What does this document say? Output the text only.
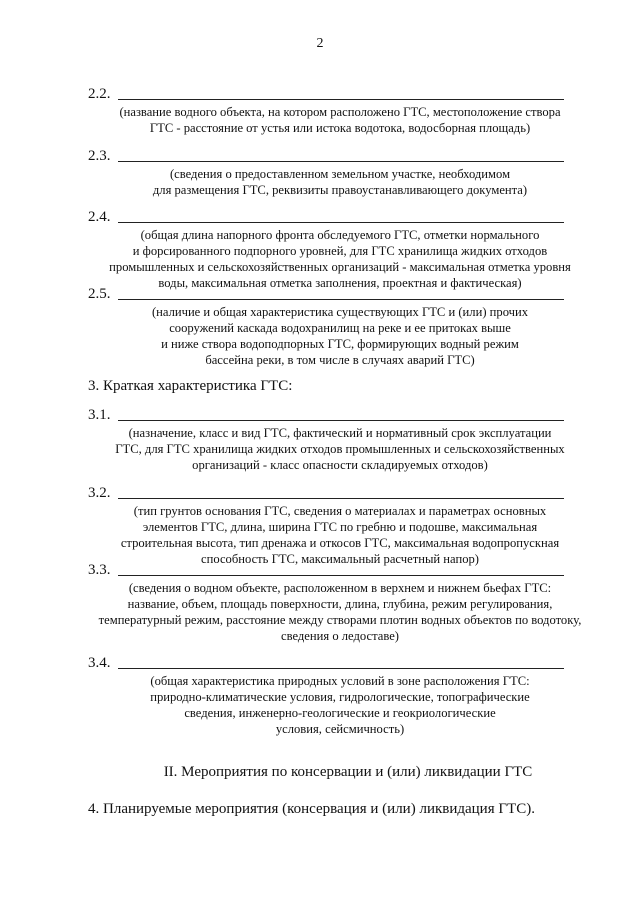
2
2.2.
(название водного объекта, на котором расположено ГТС, местоположение створа
ГТС - расстояние от устья или истока водотока, водосборная площадь)
2.3.
(сведения о предоставленном земельном участке, необходимом
для размещения ГТС, реквизиты правоустанавливающего документа)
2.4.
(общая длина напорного фронта обследуемого ГТС, отметки нормального
и форсированного подпорного уровней, для ГТС хранилища жидких отходов
промышленных и сельскохозяйственных организаций - максимальная отметка уровня
воды, максимальная отметка заполнения, проектная и фактическая)
2.5.
(наличие и общая характеристика существующих ГТС и (или) прочих
сооружений каскада водохранилищ на реке и ее притоках выше
и ниже створа водоподпорных ГТС, формирующих водный режим
бассейна реки, в том числе в случаях аварий ГТС)
3. Краткая характеристика ГТС:
3.1.
(назначение, класс и вид ГТС, фактический и нормативный срок эксплуатации
ГТС, для ГТС хранилища жидких отходов промышленных и сельскохозяйственных
организаций - класс опасности складируемых отходов)
3.2.
(тип грунтов основания ГТС, сведения о материалах и параметрах основных
элементов ГТС, длина, ширина ГТС по гребню и подошве, максимальная
строительная высота, тип дренажа и откосов ГТС, максимальная водопропускная
способность ГТС, максимальный расчетный напор)
3.3.
(сведения о водном объекте, расположенном в верхнем и нижнем бьефах ГТС:
название, объем, площадь поверхности, длина, глубина, режим регулирования,
температурный режим, расстояние между створами плотин водных объектов по водотоку,
сведения о ледоставе)
3.4.
(общая характеристика природных условий в зоне расположения ГТС:
природно-климатические условия, гидрологические, топографические
сведения, инженерно-геологические и геокриологические
условия, сейсмичность)
II. Мероприятия по консервации и (или) ликвидации ГТС
4. Планируемые мероприятия (консервация и (или) ликвидация ГТС).
